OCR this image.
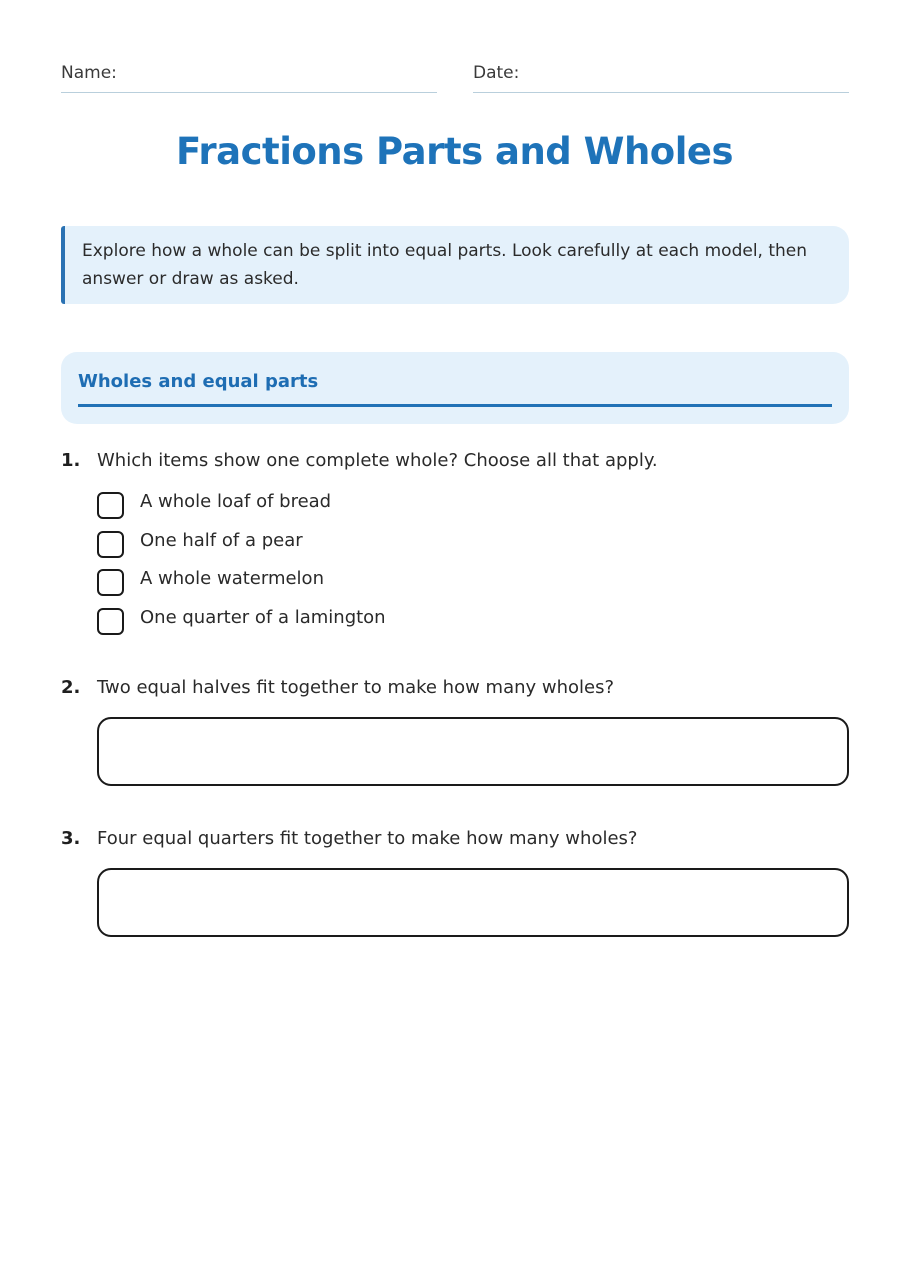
Name:	Date:
Fractions Parts and Wholes
Explore how a whole can be split into equal parts. Look carefully at each model, then answer or draw as asked.
Wholes and equal parts
1. Which items show one complete whole? Choose all that apply.
A whole loaf of bread
One half of a pear
A whole watermelon
One quarter of a lamington
2. Two equal halves fit together to make how many wholes?
3. Four equal quarters fit together to make how many wholes?
